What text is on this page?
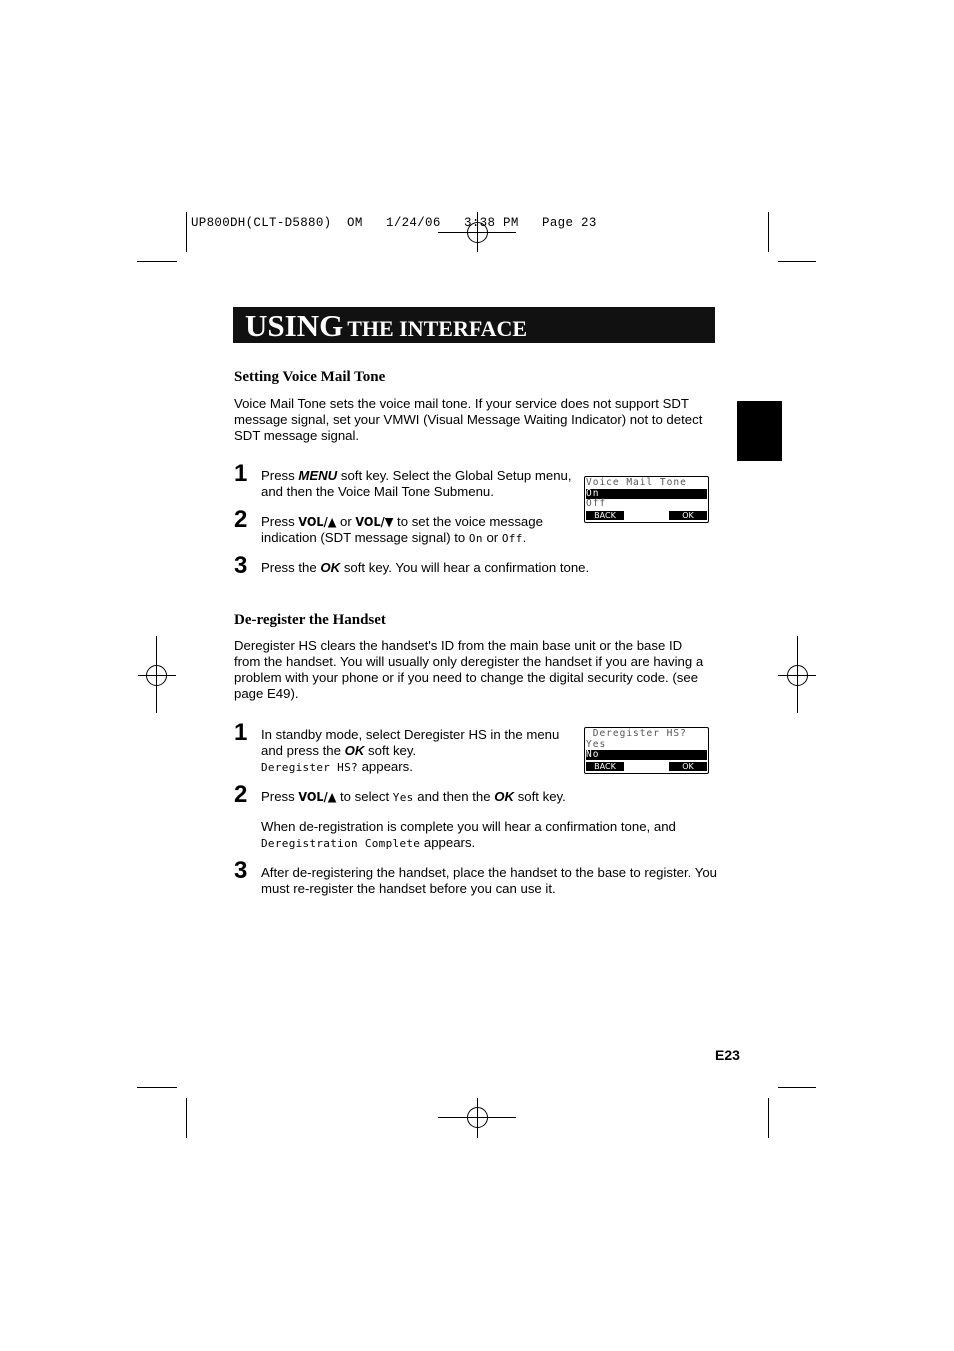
UP800DH(CLT-D5880)  OM   1/24/06   3:38 PM   Page 23
USING THE INTERFACE
Setting Voice Mail Tone
Voice Mail Tone sets the voice mail tone. If your service does not support SDT message signal, set your VMWI (Visual Message Waiting Indicator) not to detect SDT message signal.
1 Press MENU soft key. Select the Global Setup menu, and then the Voice Mail Tone Submenu.
Voice Mail Tone
On
Off
BACK	OK
2 Press VOL/▲ or VOL/▼ to set the voice message indication (SDT message signal) to On or Off.
3 Press the OK soft key. You will hear a confirmation tone.
De-register the Handset
Deregister HS clears the handset's ID from the main base unit or the base ID from the handset. You will usually only deregister the handset if you are having a problem with your phone or if you need to change the digital security code. (see page E49).
1 In standby mode, select Deregister HS in the menu and press the OK soft key.
Deregister HS? appears.
Deregister HS?
Yes
No
BACK	OK
2 Press VOL/▲ to select Yes and then the OK soft key.
When de-registration is complete you will hear a confirmation tone, and Deregistration Complete appears.
3 After de-registering the handset, place the handset to the base to register. You must re-register the handset before you can use it.
E23
